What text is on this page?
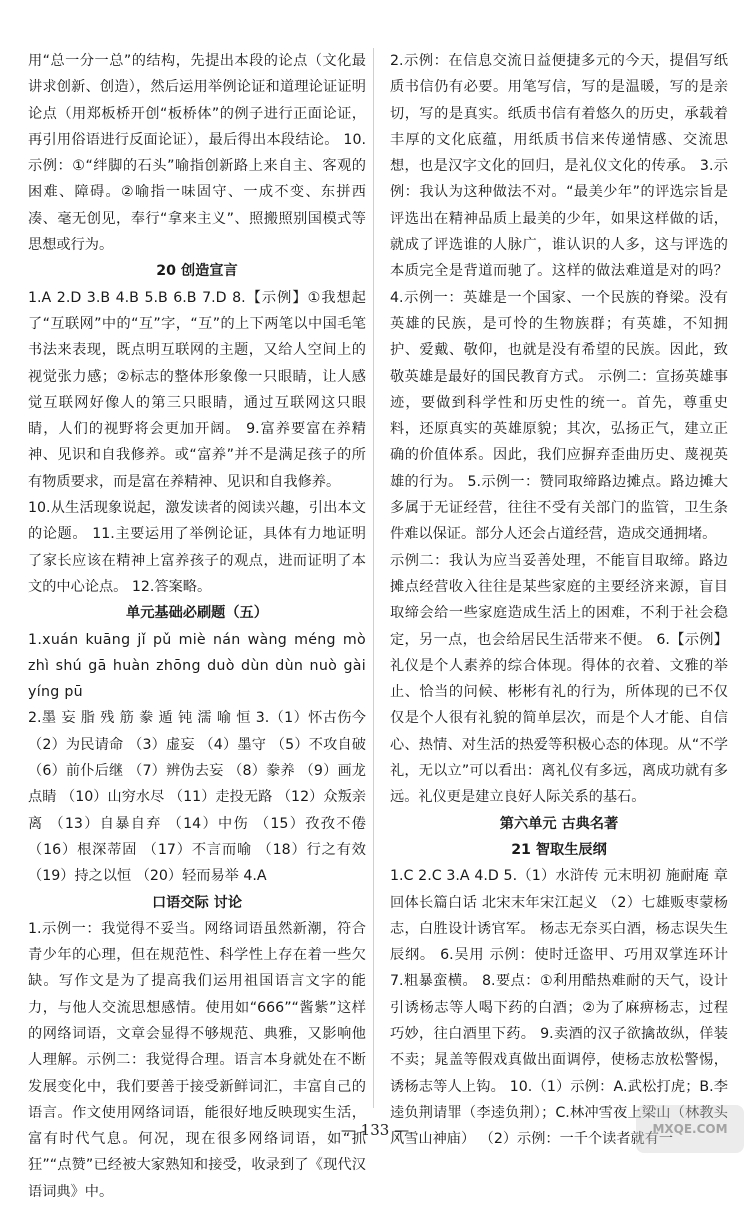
用“总一分一总”的结构，先提出本段的论点（文化最讲求创新、创造），然后运用举例论证和道理论证证明论点（用郑板桥开创“板桥体”的例子进行正面论证，再引用俗语进行反面论证），最后得出本段结论。 10.示例：①“绊脚的石头”喻指创新路上来自主、客观的困难、障碍。②喻指一味固守、一成不变、东拼西凑、毫无创见，奉行“拿来主义”、照搬照别国模式等思想或行为。

20 创造宣言

1.A 2.D 3.B 4.B 5.B 6.B 7.D 8.【示例】①我想起了“互联网”中的“互”字，“互”的上下两笔以中国毛笔书法来表现，既点明互联网的主题，又给人空间上的视觉张力感；②标志的整体形象像一只眼睛，让人感觉互联网好像人的第三只眼睛，通过互联网这只眼睛，人们的视野将会更加开阔。 9.富养要富在养精神、见识和自我修养。或“富养”并不是满足孩子的所有物质要求，而是富在养精神、见识和自我修养。

10.从生活现象说起，激发读者的阅读兴趣，引出本文的论题。 11.主要运用了举例论证，具体有力地证明了家长应该在精神上富养孩子的观点，进而证明了本文的中心论点。 12.答案略。

单元基础必刷题（五）

1.xuán kuāng jǐ pǔ miè nán wàng méng mò zhì shú gā huàn zhōng duò dùn dùn nuò gài yíng pū

2.墨 妄 脂 残 筋 豢 遁 钝 濡 喻 恒 3.（1）怀古伤今 （2）为民请命 （3）虚妄 （4）墨守 （5）不攻自破 （6）前仆后继 （7）辨伪去妄 （8）豢养 （9）画龙点睛 （10）山穷水尽 （11）走投无路 （12）众叛亲离 （13）自暴自弃 （14）中伤 （15）孜孜不倦 （16）根深蒂固 （17）不言而喻 （18）行之有效 （19）持之以恒 （20）轻而易举 4.A

口语交际 讨论

1.示例一：我觉得不妥当。网络词语虽然新潮，符合青少年的心理，但在规范性、科学性上存在着一些欠缺。写作文是为了提高我们运用祖国语言文字的能力，与他人交流思想感情。使用如“666”“酱紫”这样的网络词语，文章会显得不够规范、典雅，又影响他人理解。示例二：我觉得合理。语言本身就处在不断发展变化中，我们要善于接受新鲜词汇，丰富自己的语言。作文使用网络词语，能很好地反映现实生活，富有时代气息。何况，现在很多网络词语，如“抓狂”“点赞”已经被大家熟知和接受，收录到了《现代汉语词典》中。

2.示例：在信息交流日益便捷多元的今天，提倡写纸质书信仍有必要。用笔写信，写的是温暖，写的是亲切，写的是真实。纸质书信有着悠久的历史，承载着丰厚的文化底蕴，用纸质书信来传递情感、交流思想，也是汉字文化的回归，是礼仪文化的传承。 3.示例：我认为这种做法不对。“最美少年”的评选宗旨是评选出在精神品质上最美的少年，如果这样做的话，就成了评选谁的人脉广，谁认识的人多，这与评选的本质完全是背道而驰了。这样的做法难道是对的吗？ 4.示例一：英雄是一个国家、一个民族的脊梁。没有英雄的民族，是可怜的生物族群；有英雄，不知拥护、爱戴、敬仰，也就是没有希望的民族。因此，致敬英雄是最好的国民教育方式。 示例二：宣扬英雄事迹，要做到科学性和历史性的统一。首先，尊重史料，还原真实的英雄原貌；其次，弘扬正气，建立正确的价值体系。因此，我们应摒弃歪曲历史、蔑视英雄的行为。 5.示例一：赞同取缔路边摊点。路边摊大多属于无证经营，往往不受有关部门的监管，卫生条件难以保证。部分人还会占道经营，造成交通拥堵。

示例二：我认为应当妥善处理，不能盲目取缔。路边摊点经营收入往往是某些家庭的主要经济来源，盲目取缔会给一些家庭造成生活上的困难，不利于社会稳定，另一点，也会给居民生活带来不便。 6.【示例】礼仪是个人素养的综合体现。得体的衣着、文雅的举止、恰当的问候、彬彬有礼的行为，所体现的已不仅仅是个人很有礼貌的简单层次，而是个人才能、自信心、热情、对生活的热爱等积极心态的体现。从“不学礼，无以立”可以看出：离礼仪有多远，离成功就有多远。礼仪更是建立良好人际关系的基石。

第六单元 古典名著

21 智取生辰纲

1.C 2.C 3.A 4.D 5.（1）水浒传 元末明初 施耐庵 章回体长篇白话 北宋末年宋江起义 （2）七雄贩枣蒙杨志，白胜设计诱官军。 杨志无奈买白酒，杨志误失生辰纲。 6.吴用 示例：使时迁盗甲、巧用双掌连环计 7.粗暴蛮横。 8.要点：①利用酷热难耐的天气，设计引诱杨志等人喝下药的白酒；②为了麻痹杨志，过程巧妙，往白酒里下药。 9.卖酒的汉子欲擒故纵，佯装不卖；晁盖等假戏真做出面调停，使杨志放松警惕，诱杨志等人上钩。 10.（1）示例：A.武松打虎；B.李逵负荆请罪（李逵负荆）；C.林冲雪夜上梁山（林教头风雪山神庙） （2）示例：一千个读者就有一

— 133 —	MXQE.COM
